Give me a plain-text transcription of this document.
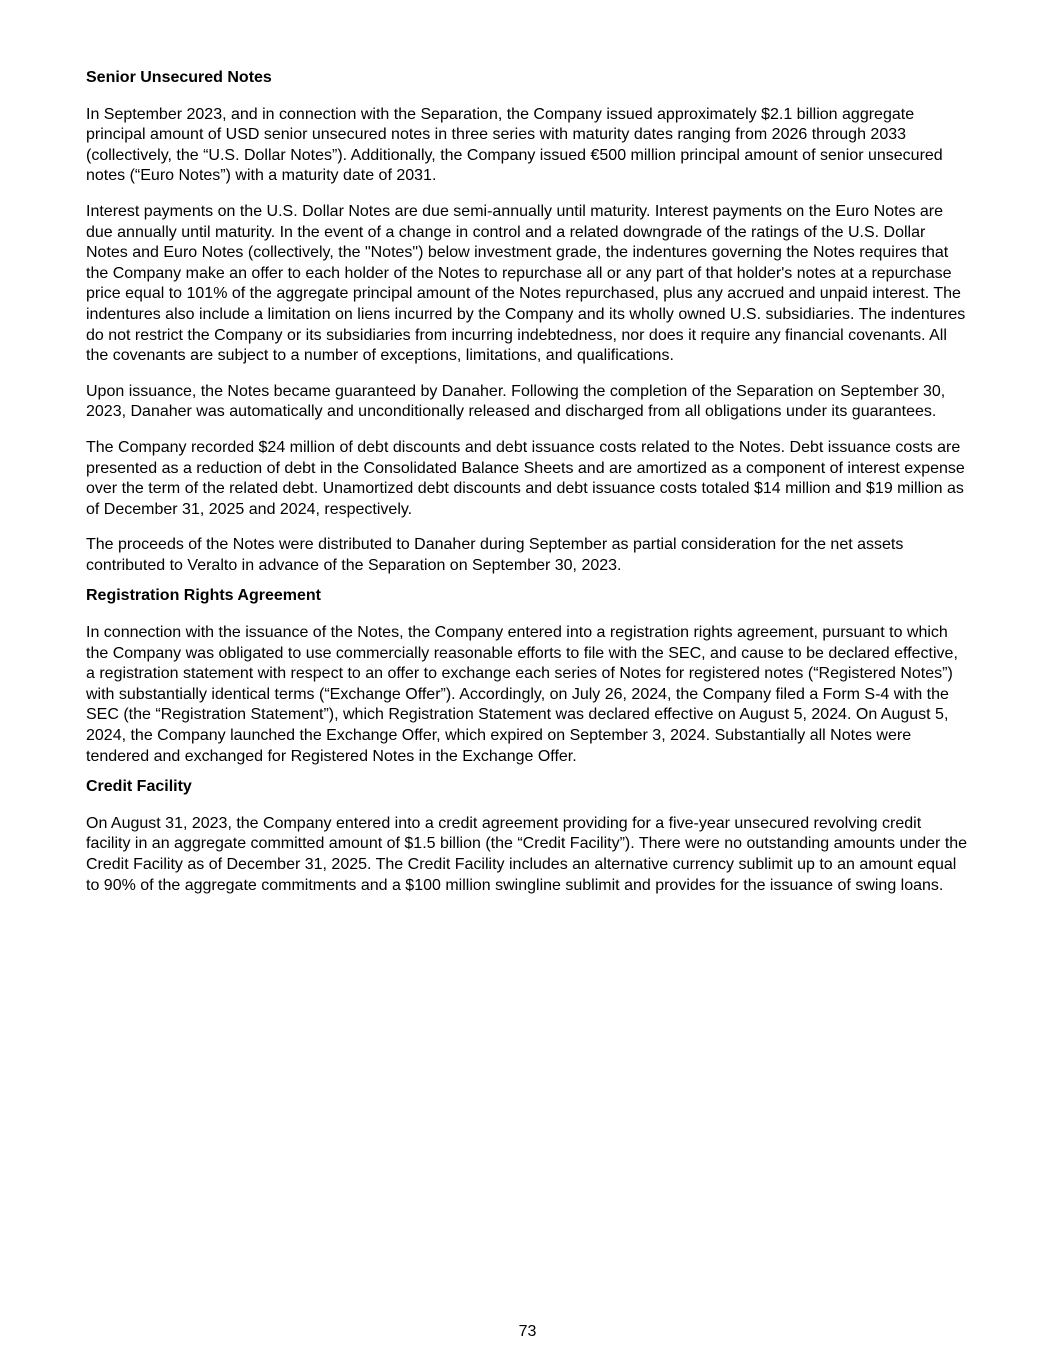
Senior Unsecured Notes

In September 2023, and in connection with the Separation, the Company issued approximately $2.1 billion aggregate principal amount of USD senior unsecured notes in three series with maturity dates ranging from 2026 through 2033 (collectively, the “U.S. Dollar Notes”). Additionally, the Company issued €500 million principal amount of senior unsecured notes (“Euro Notes”) with a maturity date of 2031.

Interest payments on the U.S. Dollar Notes are due semi-annually until maturity. Interest payments on the Euro Notes are due annually until maturity. In the event of a change in control and a related downgrade of the ratings of the U.S. Dollar Notes and Euro Notes (collectively, the "Notes") below investment grade, the indentures governing the Notes requires that the Company make an offer to each holder of the Notes to repurchase all or any part of that holder's notes at a repurchase price equal to 101% of the aggregate principal amount of the Notes repurchased, plus any accrued and unpaid interest. The indentures also include a limitation on liens incurred by the Company and its wholly owned U.S. subsidiaries. The indentures do not restrict the Company or its subsidiaries from incurring indebtedness, nor does it require any financial covenants. All the covenants are subject to a number of exceptions, limitations, and qualifications.

Upon issuance, the Notes became guaranteed by Danaher. Following the completion of the Separation on September 30, 2023, Danaher was automatically and unconditionally released and discharged from all obligations under its guarantees.

The Company recorded $24 million of debt discounts and debt issuance costs related to the Notes. Debt issuance costs are presented as a reduction of debt in the Consolidated Balance Sheets and are amortized as a component of interest expense over the term of the related debt. Unamortized debt discounts and debt issuance costs totaled $14 million and $19 million as of December 31, 2025 and 2024, respectively.

The proceeds of the Notes were distributed to Danaher during September as partial consideration for the net assets contributed to Veralto in advance of the Separation on September 30, 2023.

Registration Rights Agreement

In connection with the issuance of the Notes, the Company entered into a registration rights agreement, pursuant to which the Company was obligated to use commercially reasonable efforts to file with the SEC, and cause to be declared effective, a registration statement with respect to an offer to exchange each series of Notes for registered notes (“Registered Notes”) with substantially identical terms (“Exchange Offer”). Accordingly, on July 26, 2024, the Company filed a Form S-4 with the SEC (the “Registration Statement”), which Registration Statement was declared effective on August 5, 2024. On August 5, 2024, the Company launched the Exchange Offer, which expired on September 3, 2024. Substantially all Notes were tendered and exchanged for Registered Notes in the Exchange Offer.

Credit Facility

On August 31, 2023, the Company entered into a credit agreement providing for a five-year unsecured revolving credit facility in an aggregate committed amount of $1.5 billion (the “Credit Facility”). There were no outstanding amounts under the Credit Facility as of December 31, 2025. The Credit Facility includes an alternative currency sublimit up to an amount equal to 90% of the aggregate commitments and a $100 million swingline sublimit and provides for the issuance of swing loans.

73
